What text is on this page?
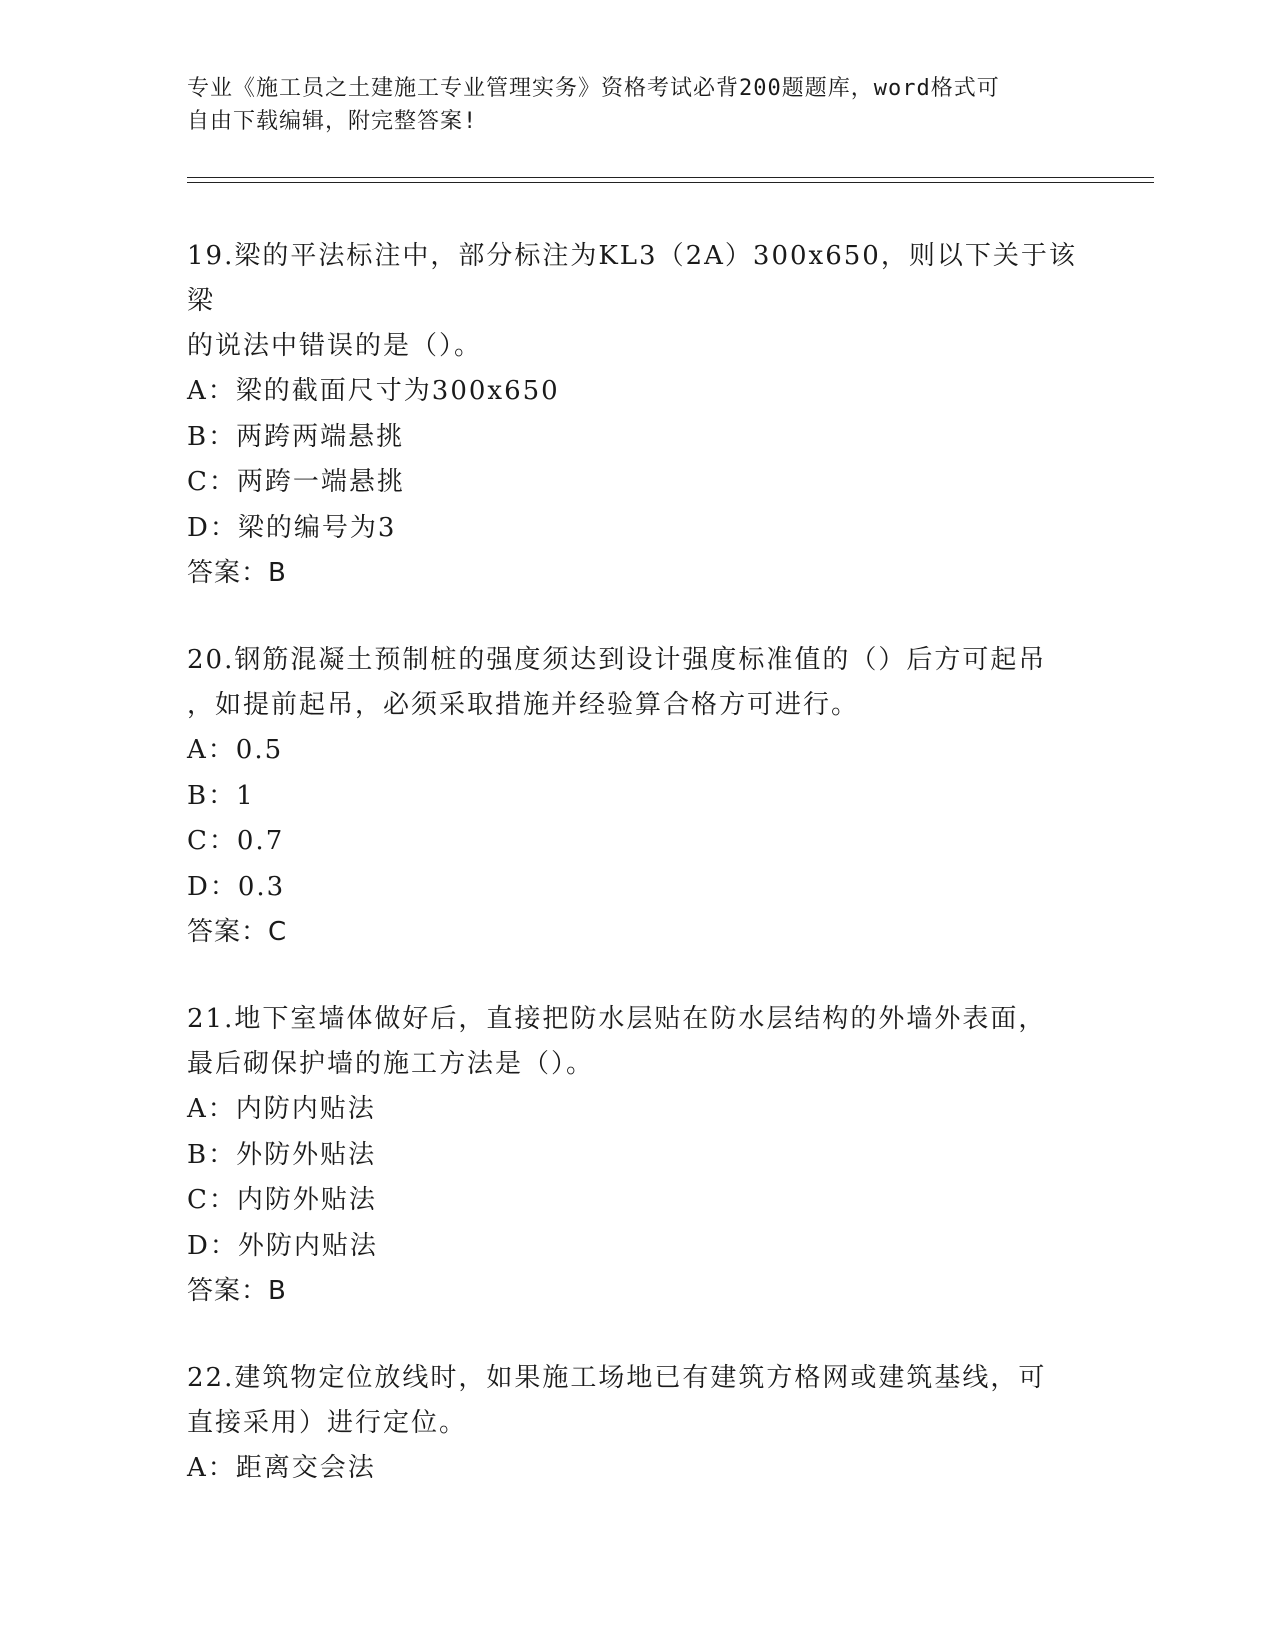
专业《施工员之土建施工专业管理实务》资格考试必背200题题库，word格式可
自由下载编辑，附完整答案!

19.梁的平法标注中，部分标注为KL3（2A）300x650，则以下关于该梁
的说法中错误的是（）。

A：梁的截面尺寸为300x650
B：两跨两端悬挑
C：两跨一端悬挑
D：梁的编号为3
答案：B

20.钢筋混凝土预制桩的强度须达到设计强度标准值的（）后方可起吊
，如提前起吊，必须采取措施并经验算合格方可进行。

A：0.5
B：1
C：0.7
D：0.3
答案：C

21.地下室墙体做好后，直接把防水层贴在防水层结构的外墙外表面，
最后砌保护墙的施工方法是（）。

A：内防内贴法
B：外防外贴法
C：内防外贴法
D：外防内贴法
答案：B

22.建筑物定位放线时，如果施工场地已有建筑方格网或建筑基线，可
直接采用）进行定位。

A：距离交会法
